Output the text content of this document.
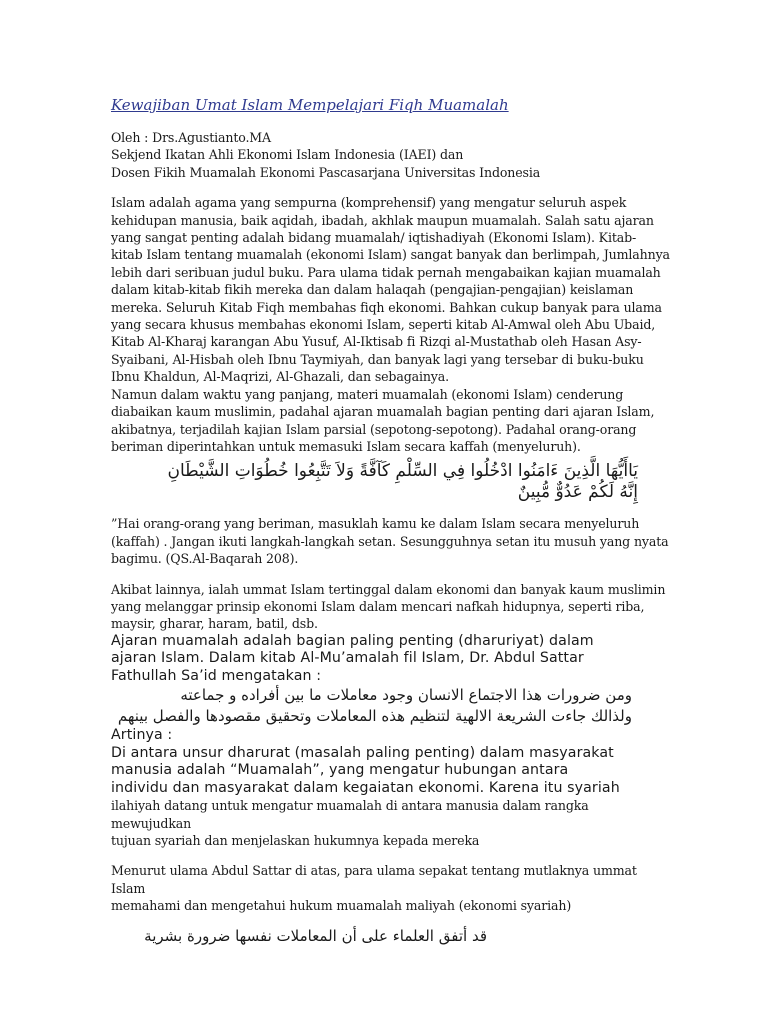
Kewajiban Umat Islam Mempelajari Fiqh Muamalah

Oleh : Drs.Agustianto.MA

Sekjend Ikatan Ahli Ekonomi Islam Indonesia (IAEI) dan

Dosen Fikih Muamalah Ekonomi Pascasarjana Universitas Indonesia

Islam adalah agama yang sempurna (komprehensif) yang mengatur seluruh aspek

kehidupan manusia, baik aqidah, ibadah, akhlak maupun muamalah. Salah satu ajaran

yang sangat penting adalah bidang muamalah/ iqtishadiyah (Ekonomi Islam). Kitab-

kitab Islam tentang muamalah (ekonomi Islam) sangat banyak dan berlimpah, Jumlahnya

lebih dari seribuan judul buku. Para ulama tidak pernah mengabaikan kajian muamalah

dalam kitab-kitab fikih mereka dan dalam halaqah (pengajian-pengajian) keislaman

mereka. Seluruh Kitab Fiqh membahas fiqh ekonomi. Bahkan cukup banyak para ulama

yang secara khusus membahas ekonomi Islam, seperti kitab Al-Amwal oleh Abu Ubaid,

Kitab Al-Kharaj karangan Abu Yusuf, Al-Iktisab fi Rizqi al-Mustathab oleh Hasan Asy-

Syaibani, Al-Hisbah oleh Ibnu Taymiyah, dan banyak lagi yang tersebar di buku-buku

Ibnu Khaldun, Al-Maqrizi, Al-Ghazali, dan sebagainya.

Namun dalam waktu yang panjang, materi muamalah (ekonomi Islam) cenderung

diabaikan kaum muslimin, padahal ajaran muamalah bagian penting dari ajaran Islam,

akibatnya, terjadilah kajian Islam parsial (sepotong-sepotong). Padahal orang-orang

beriman diperintahkan untuk memasuki Islam secara kaffah (menyeluruh).

يَاأَيُّهَا الَّذِينَ ءَامَنُوا ادْخُلُوا فِي السِّلْمِ كَآفَّةً وَلاَ تَتَّبِعُوا خُطُوَاتِ الشَّيْطَانِ

إِنَّهُ لَكُمْ عَدُوٌّ مُّبِينٌ

”Hai orang-orang yang beriman, masuklah kamu ke dalam Islam secara menyeluruh

(kaffah) . Jangan ikuti langkah-langkah setan. Sesungguhnya setan itu musuh yang nyata

bagimu. (QS.Al-Baqarah 208).

Akibat lainnya, ialah ummat Islam tertinggal dalam ekonomi dan banyak kaum muslimin

yang melanggar prinsip ekonomi Islam dalam mencari nafkah hidupnya, seperti riba,

maysir, gharar, haram, batil, dsb.

Ajaran muamalah adalah bagian paling penting (dharuriyat) dalam

ajaran Islam. Dalam kitab Al-Mu’amalah fil Islam, Dr. Abdul Sattar

Fathullah Sa’id mengatakan :

ومن ضرورات هذا الاجتماع الانسان وجود معاملات ما بين أفراده و جماعته

ولذالك جاءت الشريعة الالهية لتنظيم هذه المعاملات وتحقيق مقصودها والفصل بينهم

Artinya :

Di antara unsur dharurat (masalah paling penting) dalam masyarakat

manusia adalah “Muamalah”, yang mengatur hubungan antara

individu dan masyarakat dalam kegaiatan ekonomi. Karena itu syariah

ilahiyah datang untuk mengatur muamalah di antara manusia dalam rangka mewujudkan

tujuan syariah dan menjelaskan hukumnya kepada mereka

Menurut ulama Abdul Sattar di atas, para ulama sepakat tentang mutlaknya ummat Islam

memahami dan mengetahui hukum muamalah maliyah (ekonomi syariah)

قد أتفق العلماء على أن المعاملات نفسها ضرورة بشرية
